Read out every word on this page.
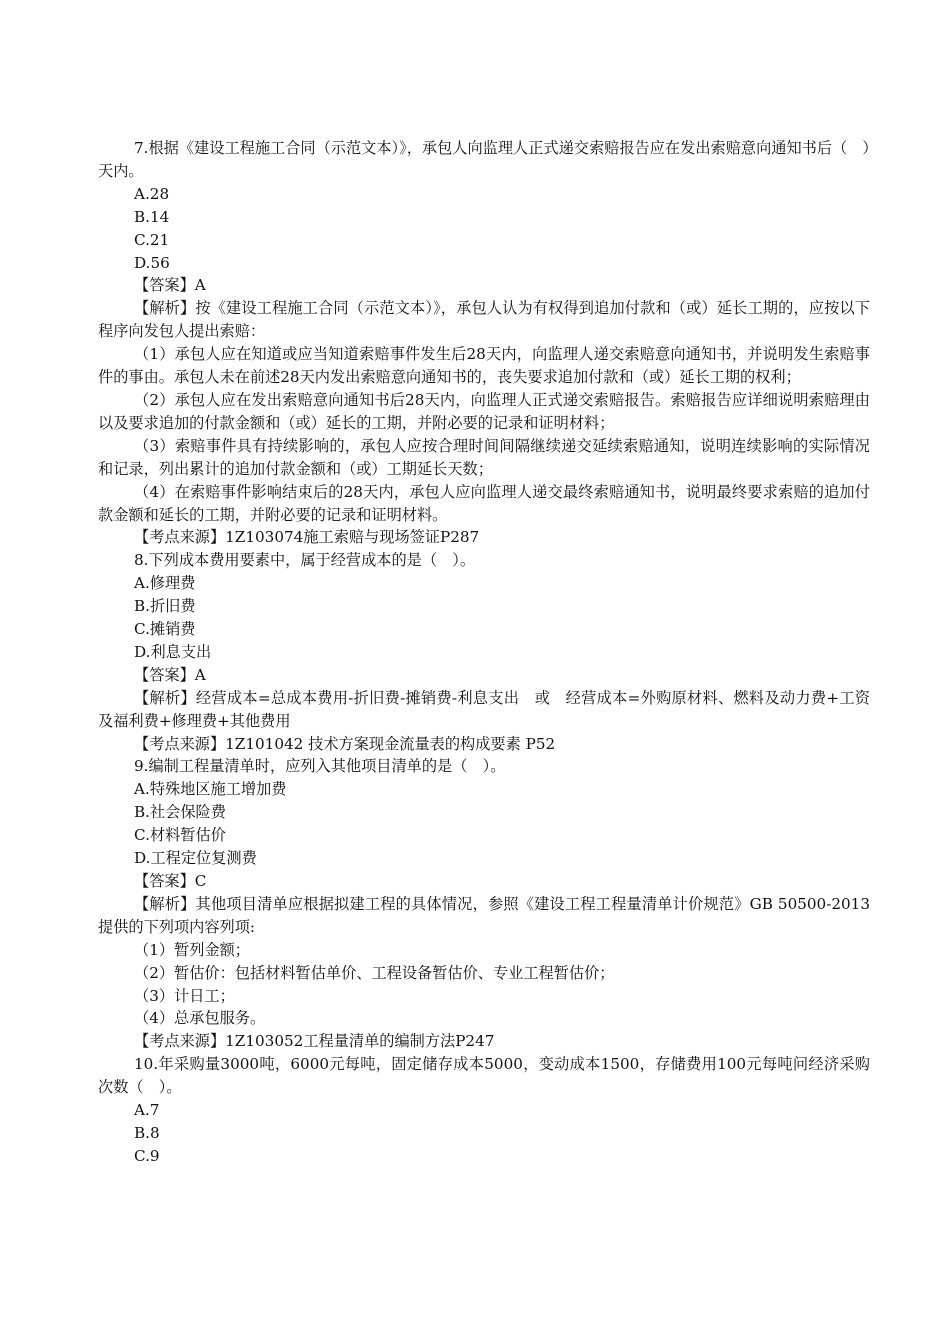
7.根据《建设工程施工合同（示范文本）》，承包人向监理人正式递交索赔报告应在发出索赔意向通知书后（　）天内。

A.28

B.14

C.21

D.56

【答案】A

【解析】按《建设工程施工合同（示范文本）》，承包人认为有权得到追加付款和（或）延长工期的，应按以下程序向发包人提出索赔：

（1）承包人应在知道或应当知道索赔事件发生后28天内，向监理人递交索赔意向通知书，并说明发生索赔事件的事由。承包人未在前述28天内发出索赔意向通知书的，丧失要求追加付款和（或）延长工期的权利；

（2）承包人应在发出索赔意向通知书后28天内，向监理人正式递交索赔报告。索赔报告应详细说明索赔理由以及要求追加的付款金额和（或）延长的工期，并附必要的记录和证明材料；

（3）索赔事件具有持续影响的，承包人应按合理时间间隔继续递交延续索赔通知，说明连续影响的实际情况和记录，列出累计的追加付款金额和（或）工期延长天数；

（4）在索赔事件影响结束后的28天内，承包人应向监理人递交最终索赔通知书，说明最终要求索赔的追加付款金额和延长的工期，并附必要的记录和证明材料。

【考点来源】1Z103074施工索赔与现场签证P287

8.下列成本费用要素中，属于经营成本的是（　）。

A.修理费

B.折旧费

C.摊销费

D.利息支出

【答案】A

【解析】经营成本=总成本费用-折旧费-摊销费-利息支出　或　经营成本=外购原材料、燃料及动力费+工资及福利费+修理费+其他费用

【考点来源】1Z101042 技术方案现金流量表的构成要素 P52

9.编制工程量清单时，应列入其他项目清单的是（　）。

A.特殊地区施工增加费

B.社会保险费

C.材料暂估价

D.工程定位复测费

【答案】C

【解析】其他项目清单应根据拟建工程的具体情况，参照《建设工程工程量清单计价规范》GB 50500-2013 提供的下列项内容列项:

（1）暂列金额；

（2）暂估价：包括材料暂估单价、工程设备暂估价、专业工程暂估价；

（3）计日工；

（4）总承包服务。

【考点来源】1Z103052工程量清单的编制方法P247

10.年采购量3000吨，6000元每吨，固定储存成本5000，变动成本1500，存储费用100元每吨问经济采购次数（　）。

A.7

B.8

C.9
